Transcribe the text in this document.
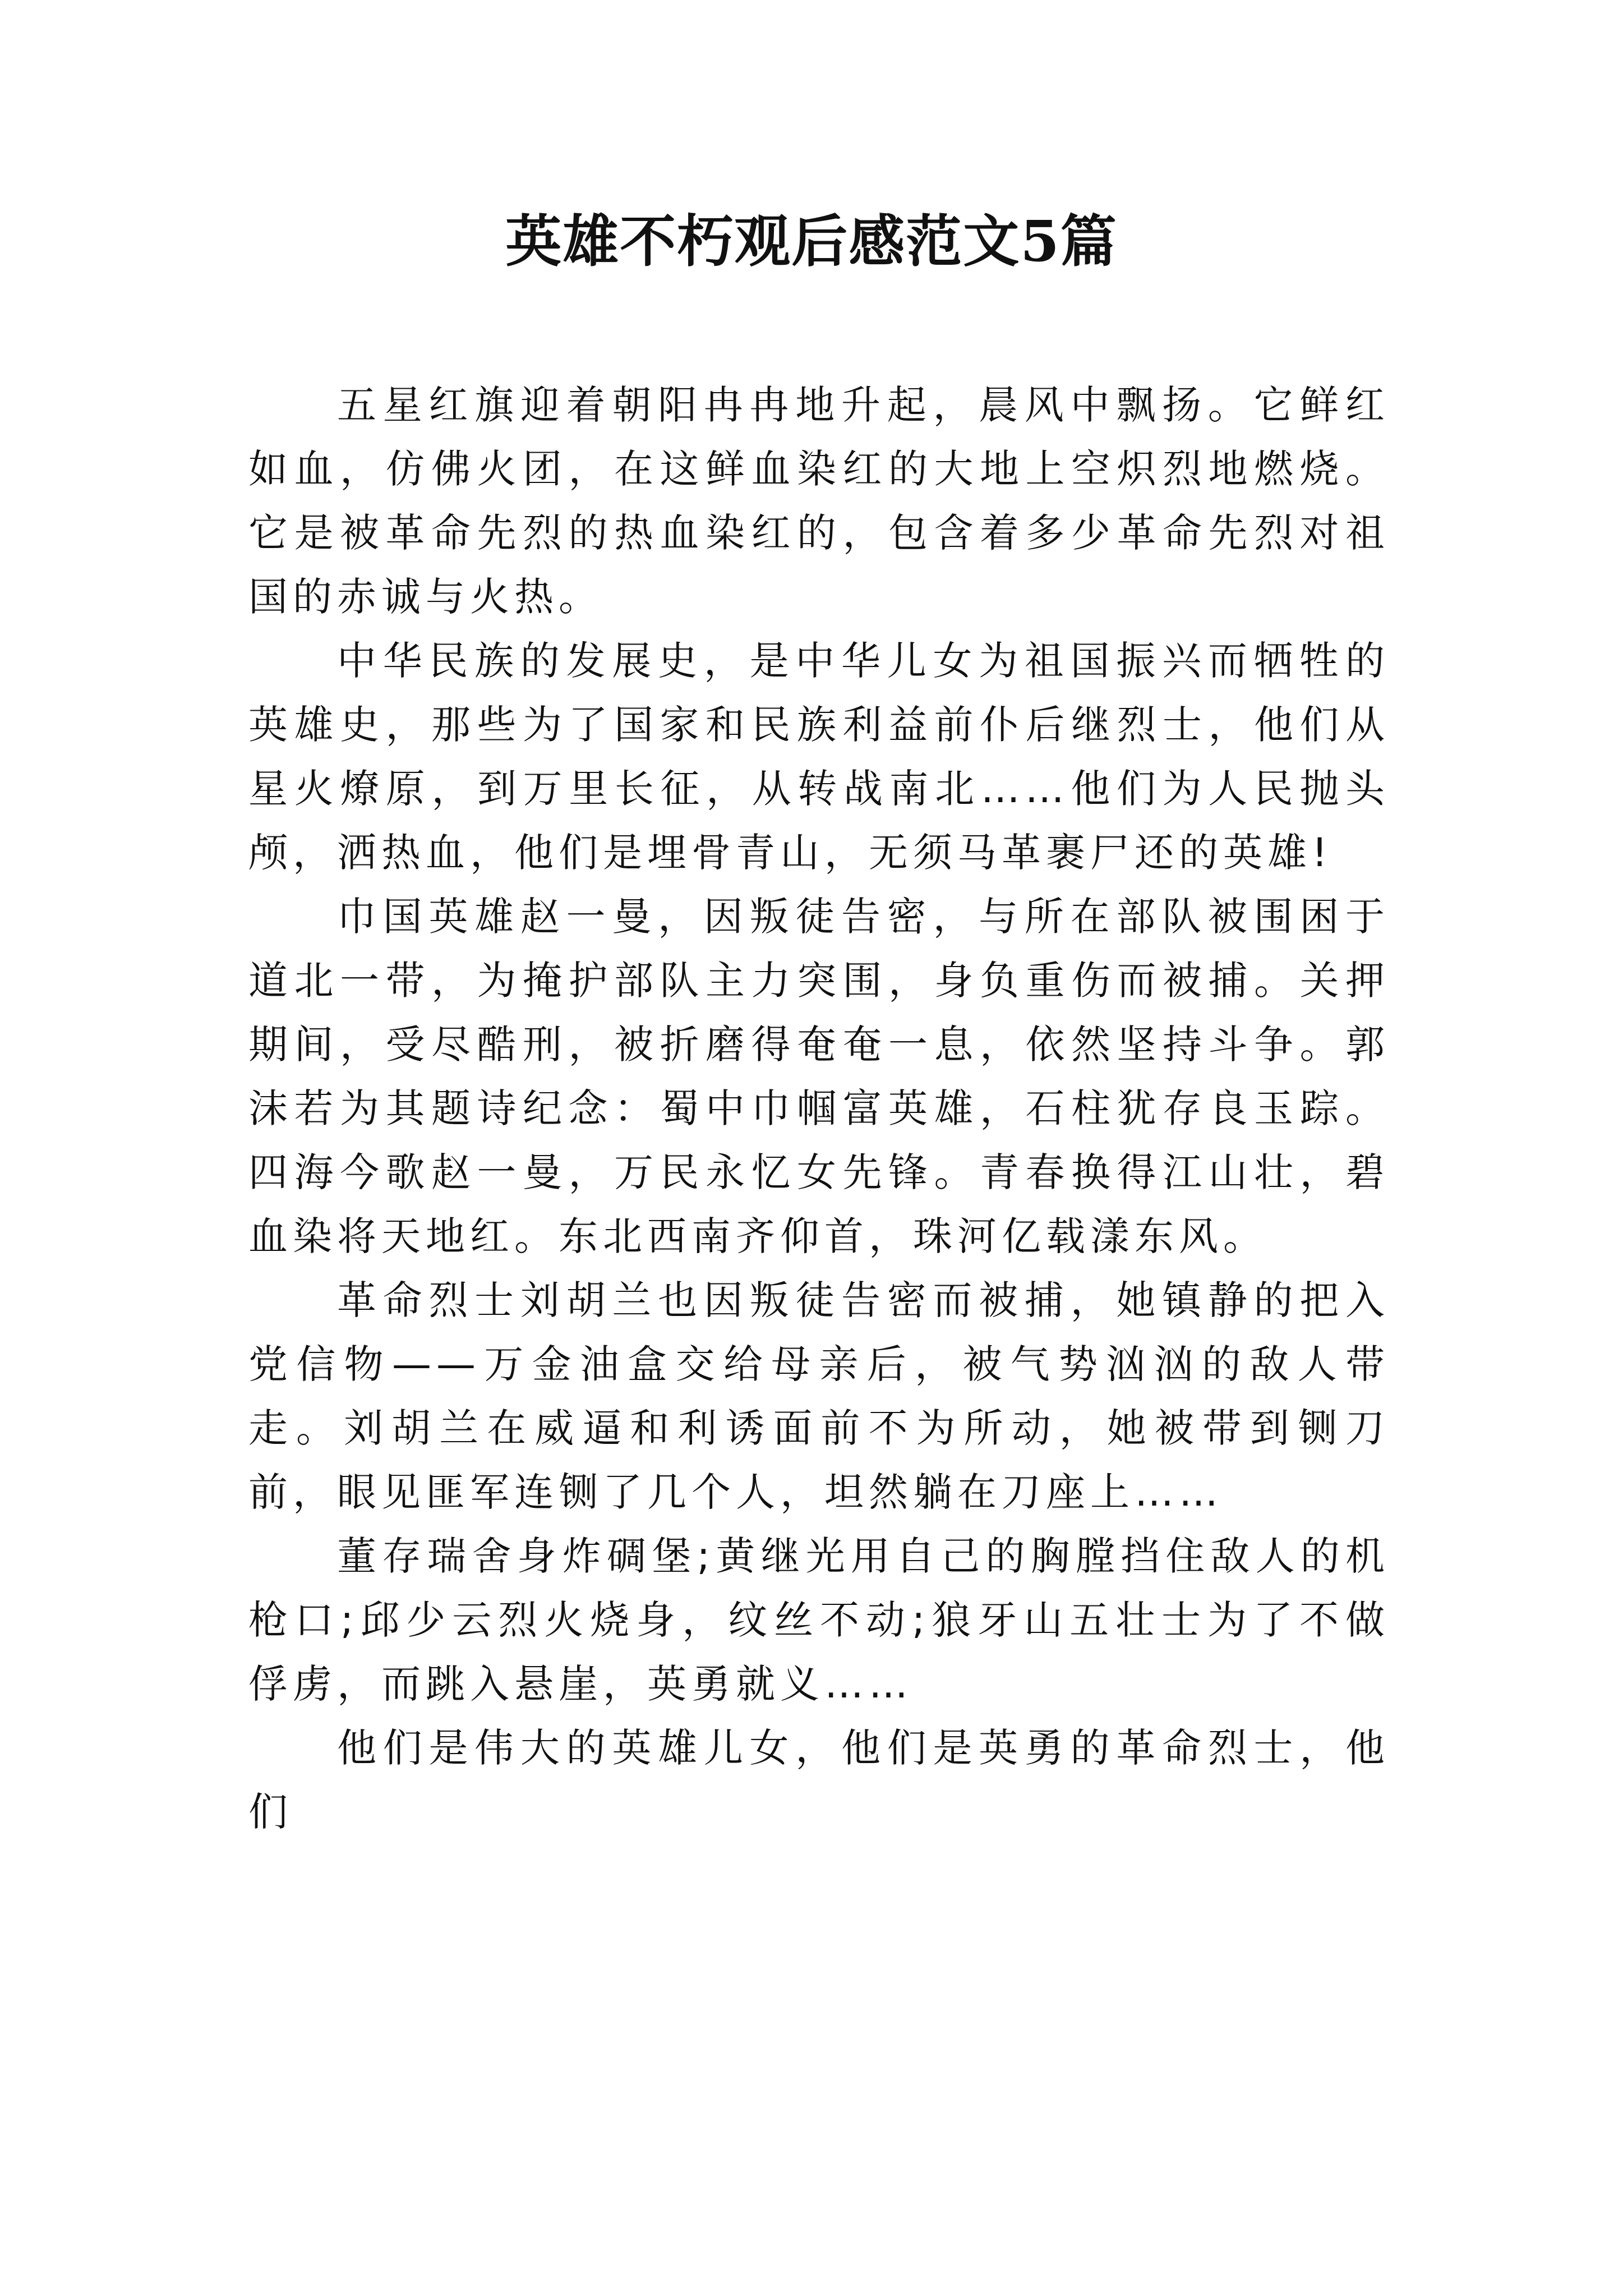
英雄不朽观后感范文5篇

五星红旗迎着朝阳冉冉地升起，晨风中飘扬。它鲜红如血，仿佛火团，在这鲜血染红的大地上空炽烈地燃烧。它是被革命先烈的热血染红的，包含着多少革命先烈对祖国的赤诚与火热。

中华民族的发展史，是中华儿女为祖国振兴而牺牲的英雄史，那些为了国家和民族利益前仆后继烈士，他们从星火燎原，到万里长征，从转战南北……他们为人民抛头颅，洒热血，他们是埋骨青山，无须马革裹尸还的英雄!

巾国英雄赵一曼，因叛徒告密，与所在部队被围困于道北一带，为掩护部队主力突围，身负重伤而被捕。关押期间，受尽酷刑，被折磨得奄奄一息，依然坚持斗争。郭沫若为其题诗纪念：蜀中巾帼富英雄，石柱犹存良玉踪。四海今歌赵一曼，万民永忆女先锋。青春换得江山壮，碧血染将天地红。东北西南齐仰首，珠河亿载漾东风。

革命烈士刘胡兰也因叛徒告密而被捕，她镇静的把入党信物——万金油盒交给母亲后，被气势汹汹的敌人带走。刘胡兰在威逼和利诱面前不为所动，她被带到铡刀前，眼见匪军连铡了几个人，坦然躺在刀座上……

董存瑞舍身炸碉堡;黄继光用自己的胸膛挡住敌人的机枪口;邱少云烈火烧身，纹丝不动;狼牙山五壮士为了不做俘虏，而跳入悬崖，英勇就义……

他们是伟大的英雄儿女，他们是英勇的革命烈士，他们
